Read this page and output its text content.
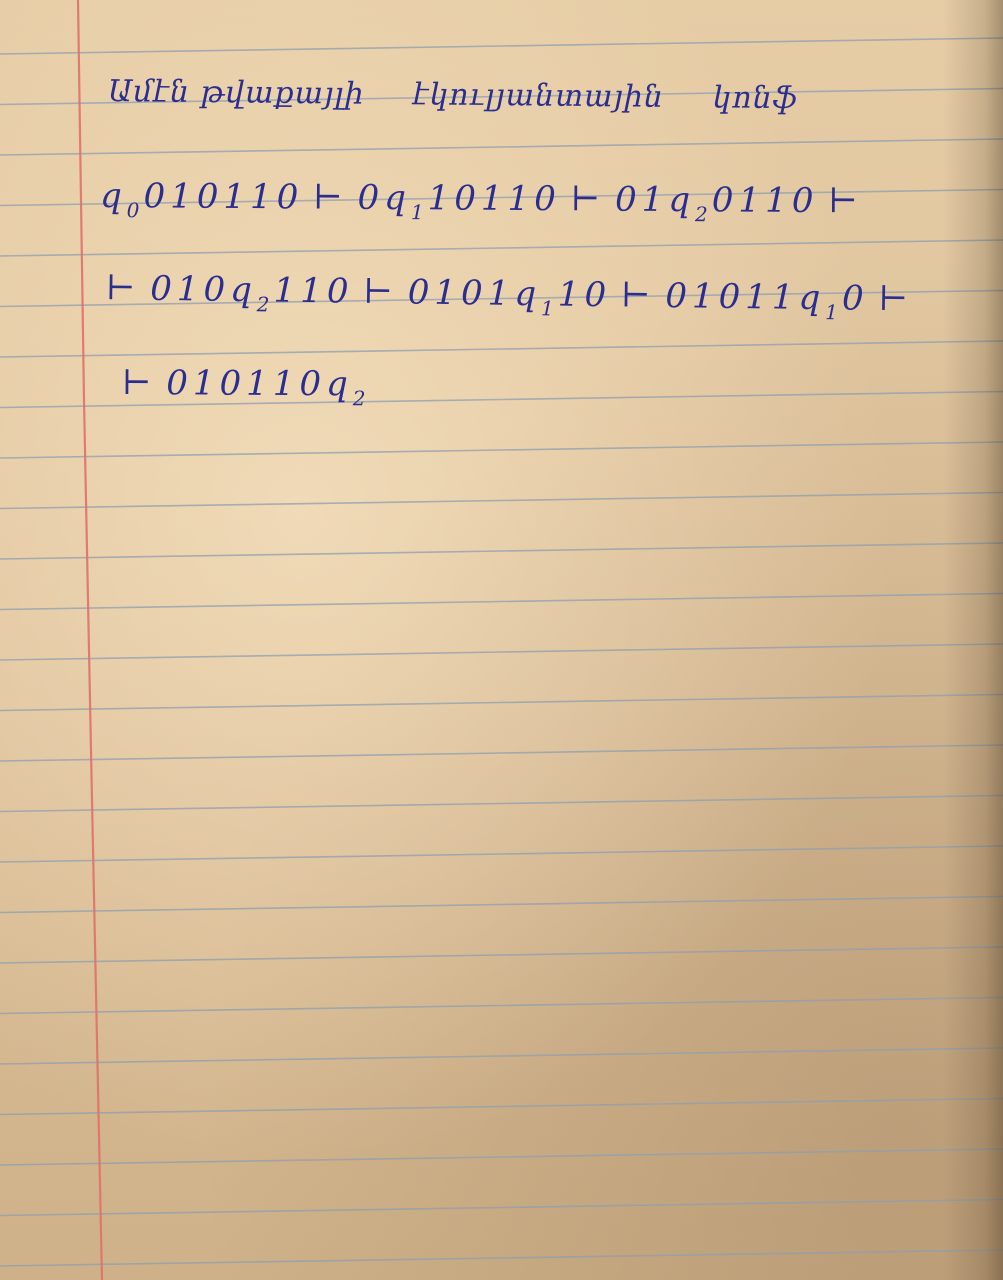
Ամէն թվաքայլի էկուլյանտային կոնֆ
$q_0$ 010110 ⊢ $0q_1$ 10110 ⊢ $01q_2$ 0110 ⊢
⊢ $010q_2$ 110 ⊢ $0101q_1$ 10 ⊢ $01011q_1$ 0 ⊢
⊢ $010110q_2$
